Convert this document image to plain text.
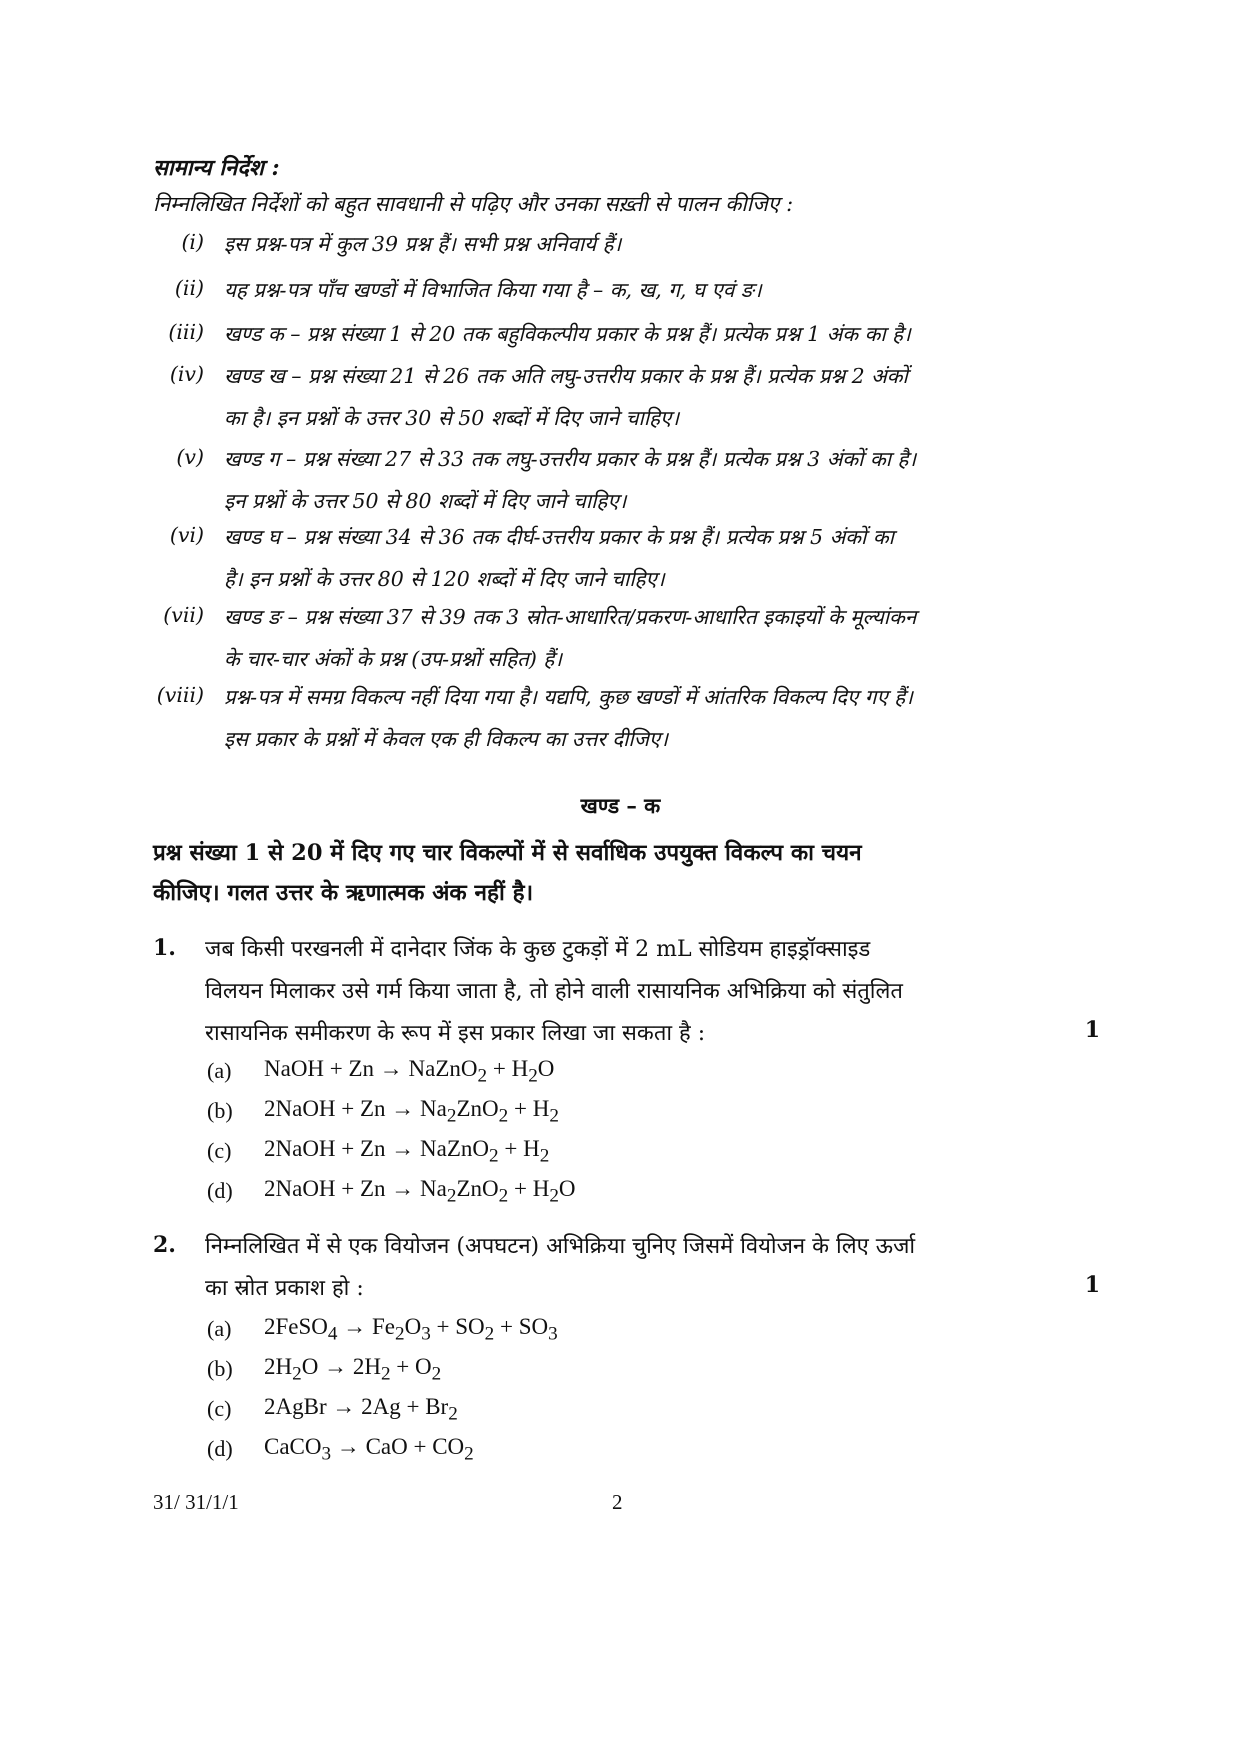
सामान्य निर्देश :
निम्नलिखित निर्देशों को बहुत सावधानी से पढ़िए और उनका सख़्ती से पालन कीजिए :
(i) इस प्रश्न-पत्र में कुल 39 प्रश्न हैं। सभी प्रश्न अनिवार्य हैं।
(ii) यह प्रश्न-पत्र पाँच खण्डों में विभाजित किया गया है – क, ख, ग, घ एवं ङ।
(iii) खण्ड क – प्रश्न संख्या 1 से 20 तक बहुविकल्पीय प्रकार के प्रश्न हैं। प्रत्येक प्रश्न 1 अंक का है।
(iv) खण्ड ख – प्रश्न संख्या 21 से 26 तक अति लघु-उत्तरीय प्रकार के प्रश्न हैं। प्रत्येक प्रश्न 2 अंकों
का है। इन प्रश्नों के उत्तर 30 से 50 शब्दों में दिए जाने चाहिए।
(v) खण्ड ग – प्रश्न संख्या 27 से 33 तक लघु-उत्तरीय प्रकार के प्रश्न हैं। प्रत्येक प्रश्न 3 अंकों का है।
इन प्रश्नों के उत्तर 50 से 80 शब्दों में दिए जाने चाहिए।
(vi) खण्ड घ – प्रश्न संख्या 34 से 36 तक दीर्घ-उत्तरीय प्रकार के प्रश्न हैं। प्रत्येक प्रश्न 5 अंकों का
है। इन प्रश्नों के उत्तर 80 से 120 शब्दों में दिए जाने चाहिए।
(vii) खण्ड ङ – प्रश्न संख्या 37 से 39 तक 3 स्रोत-आधारित/प्रकरण-आधारित इकाइयों के मूल्यांकन
के चार-चार अंकों के प्रश्न (उप-प्रश्नों सहित) हैं।
(viii) प्रश्न-पत्र में समग्र विकल्प नहीं दिया गया है। यद्यपि, कुछ खण्डों में आंतरिक विकल्प दिए गए हैं।
इस प्रकार के प्रश्नों में केवल एक ही विकल्प का उत्तर दीजिए।
खण्ड – क
प्रश्न संख्या 1 से 20 में दिए गए चार विकल्पों में से सर्वाधिक उपयुक्त विकल्प का चयन
कीजिए। गलत उत्तर के ऋणात्मक अंक नहीं है।
1. जब किसी परखनली में दानेदार जिंक के कुछ टुकड़ों में 2 mL सोडियम हाइड्रॉक्साइड
विलयन मिलाकर उसे गर्म किया जाता है, तो होने वाली रासायनिक अभिक्रिया को संतुलित
रासायनिक समीकरण के रूप में इस प्रकार लिखा जा सकता है :	1
(a) NaOH + Zn → NaZnO$_2$ + $H_2O$
(b) 2NaOH + $Zn \to Na_2ZnO_2 + H_2$
(c) 2NaOH + Zn → NaZnO$_2$ + $H_2$
(d) 2NaOH + $Zn \to Na_2ZnO_2 + H_2O$
2. निम्नलिखित में से एक वियोजन (अपघटन) अभिक्रिया चुनिए जिसमें वियोजन के लिए ऊर्जा
का स्रोत प्रकाश हो :	1
(a) 2FeSO$_4$ → $Fe_2O_3 + SO_2 + SO_3$
(b) $2H_2O \to 2H_2 + O_2$
(c) 2AgBr → $2Ag + Br_2$
(d) CaCO$_3$ → CaO + $CO_2$
31/ 31/1/1	2
